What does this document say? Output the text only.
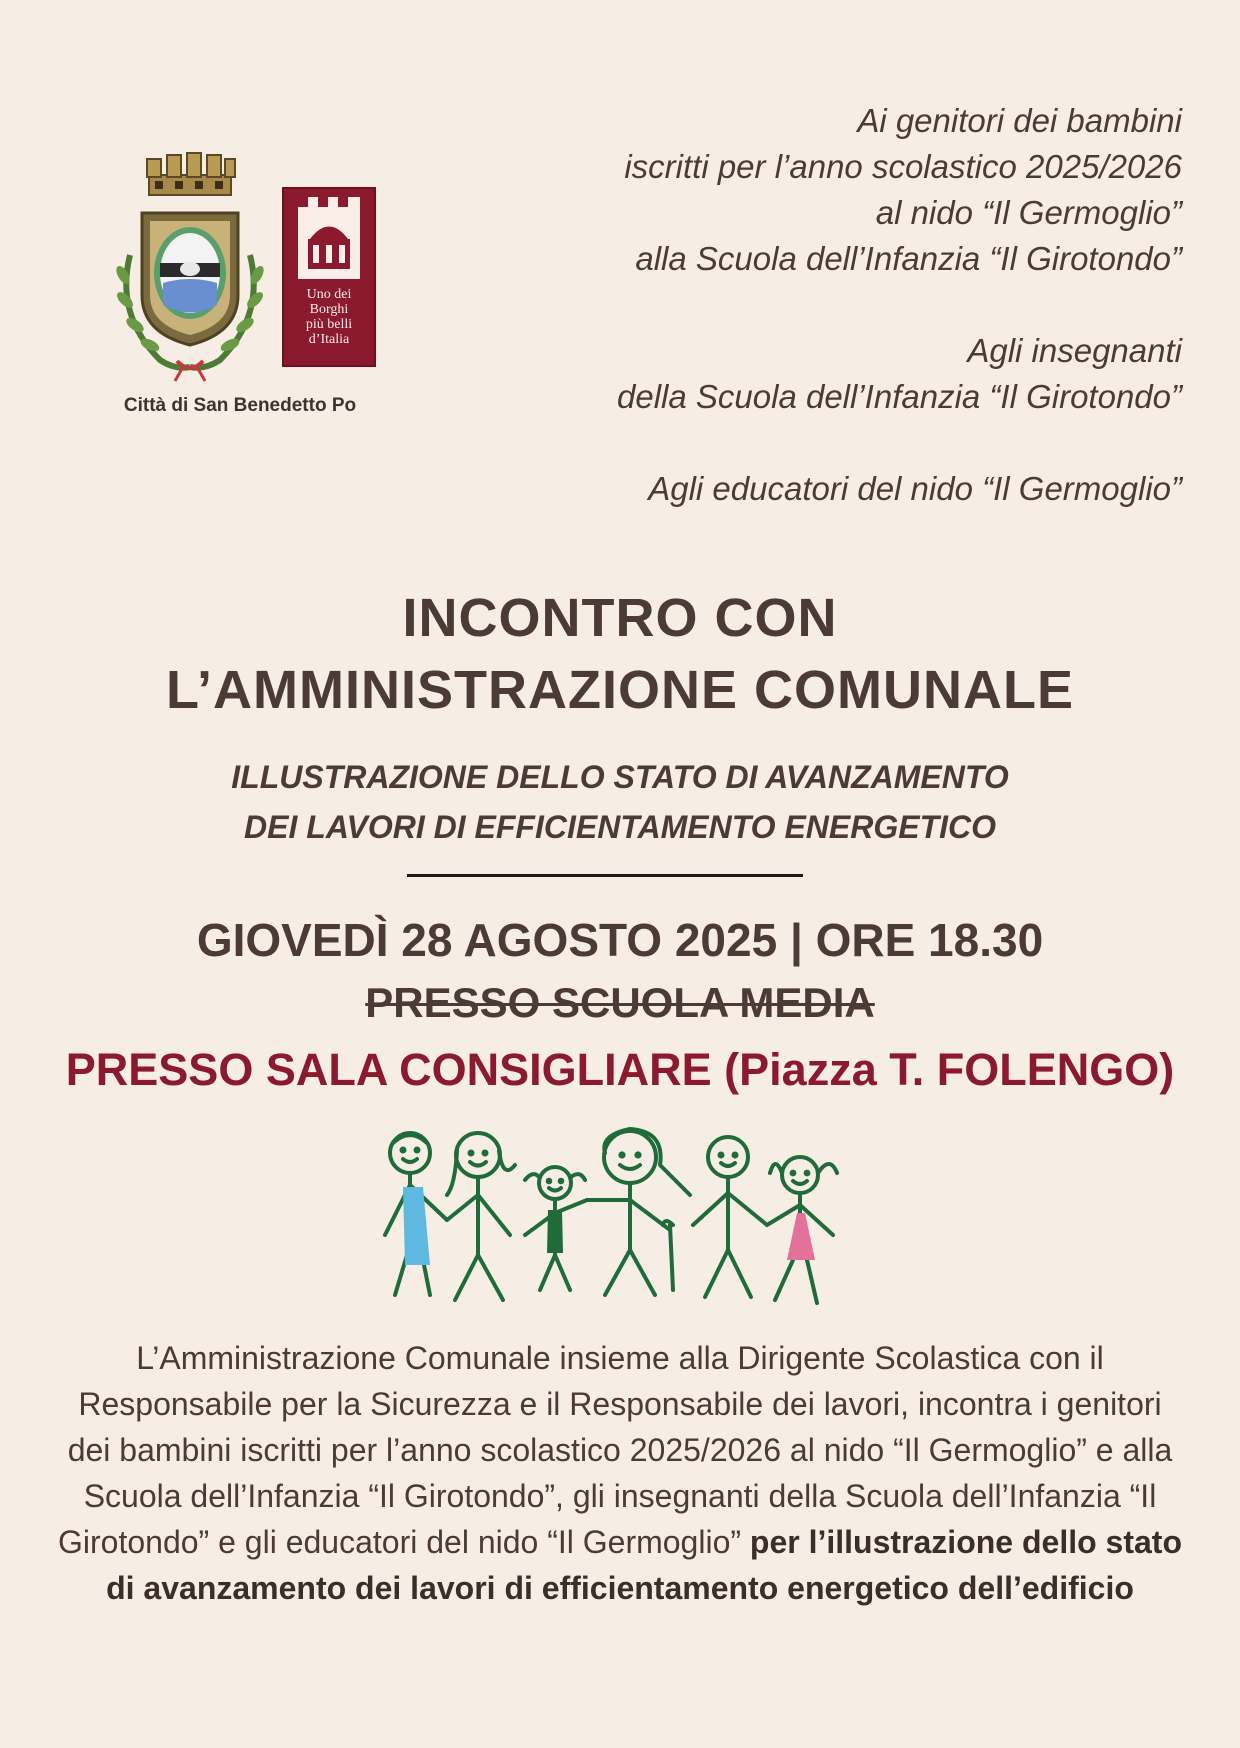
Uno dei
Borghi
più belli
d’Italia
Città di San Benedetto Po
Ai genitori dei bambini
iscritti per l’anno scolastico 2025/2026
al nido “Il Germoglio”
alla Scuola dell’Infanzia “Il Girotondo”
Agli insegnanti
della Scuola dell’Infanzia “Il Girotondo”
Agli educatori del nido “Il Germoglio”
INCONTRO CON
L’AMMINISTRAZIONE COMUNALE
ILLUSTRAZIONE DELLO STATO DI AVANZAMENTO
DEI LAVORI DI EFFICIENTAMENTO ENERGETICO
GIOVEDÌ 28 AGOSTO 2025 | ORE 18.30
PRESSO SCUOLA MEDIA
PRESSO SALA CONSIGLIARE (Piazza T. FOLENGO)
L’Amministrazione Comunale insieme alla Dirigente Scolastica con il Responsabile per la Sicurezza e il Responsabile dei lavori, incontra i genitori dei bambini iscritti per l’anno scolastico 2025/2026 al nido “Il Germoglio” e alla Scuola dell’Infanzia “Il Girotondo”, gli insegnanti della Scuola dell’Infanzia “Il Girotondo” e gli educatori del nido “Il Germoglio” per l’illustrazione dello stato di avanzamento dei lavori di efficientamento energetico dell’edificio
